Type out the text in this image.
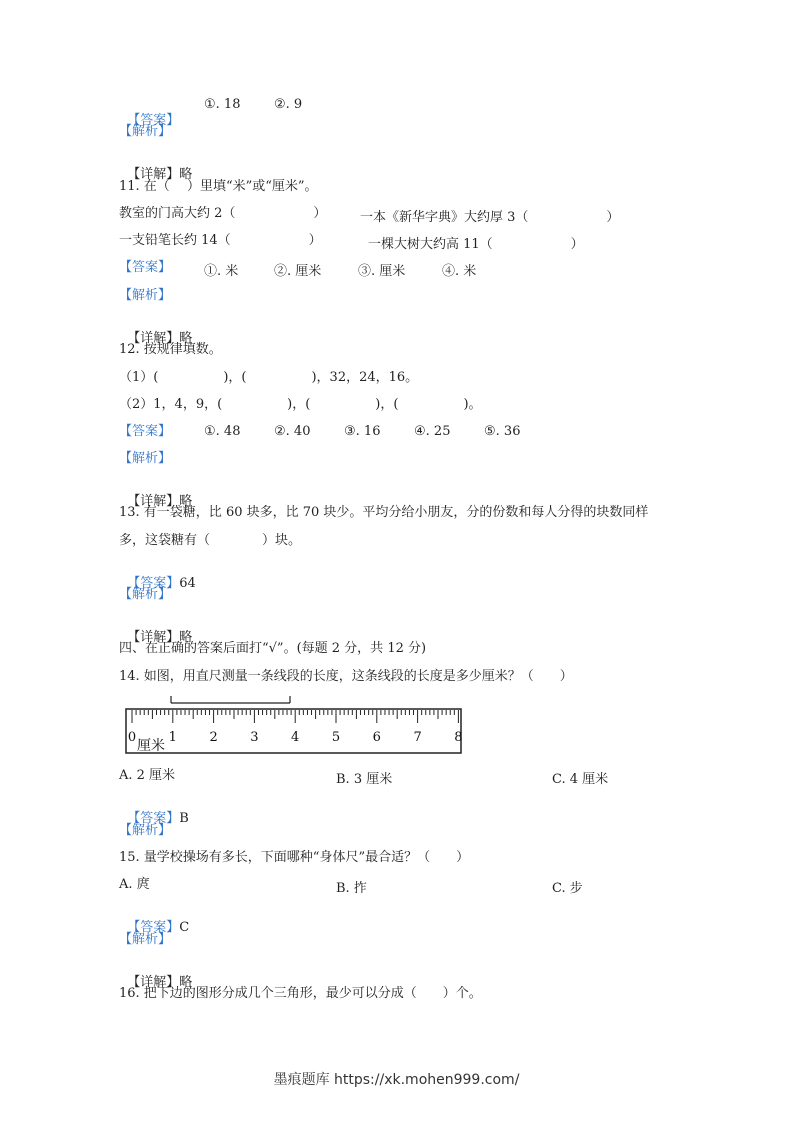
【答案】

①. 18	②. 9
【解析】

【详解】略

11. 在（　 ）里填“米”或“厘米”。
教室的门高大约 2（　　　　　　）	一本《新华字典》大约厚 3（　　　　　　）
一支铅笔长约 14（　　　　　　）	一棵大树大约高 11（　　　　　　）
【答案】	①. 米	②. 厘米	③. 厘米	④. 米
【解析】

【详解】略

12. 按规律填数。
（1）(　　　　　)，(　　　　　)，32，24，16。
（2）1，4，9，(　　　　　)，(　　　　　)，(　　　　　)。
【答案】	①. 48	②. 40	③. 16	④. 25	⑤. 36
【解析】

【详解】略

13. 有一袋糖，比 60 块多，比 70 块少。平均分给小朋友，分的份数和每人分得的块数同样
多，这袋糖有（　　　　）块。

【答案】64

【解析】

【详解】略

四、在正确的答案后面打“√”。(每题 2 分，共 12 分)
14. 如图，用直尺测量一条线段的长度，这条线段的长度是多少厘米？（　　）
0	1	2	3	4	5	6	7	8
厘米
A. 2 厘米	B. 3 厘米	C. 4 厘米

【答案】B

【解析】
15. 量学校操场有多长，下面哪种“身体尺”最合适？（　　）
A. 庹	B. 拃	C. 步

【答案】C

【解析】

【详解】略

16. 把下边的图形分成几个三角形，最少可以分成（　　）个。
墨痕题库 https://xk.mohen999.com/
